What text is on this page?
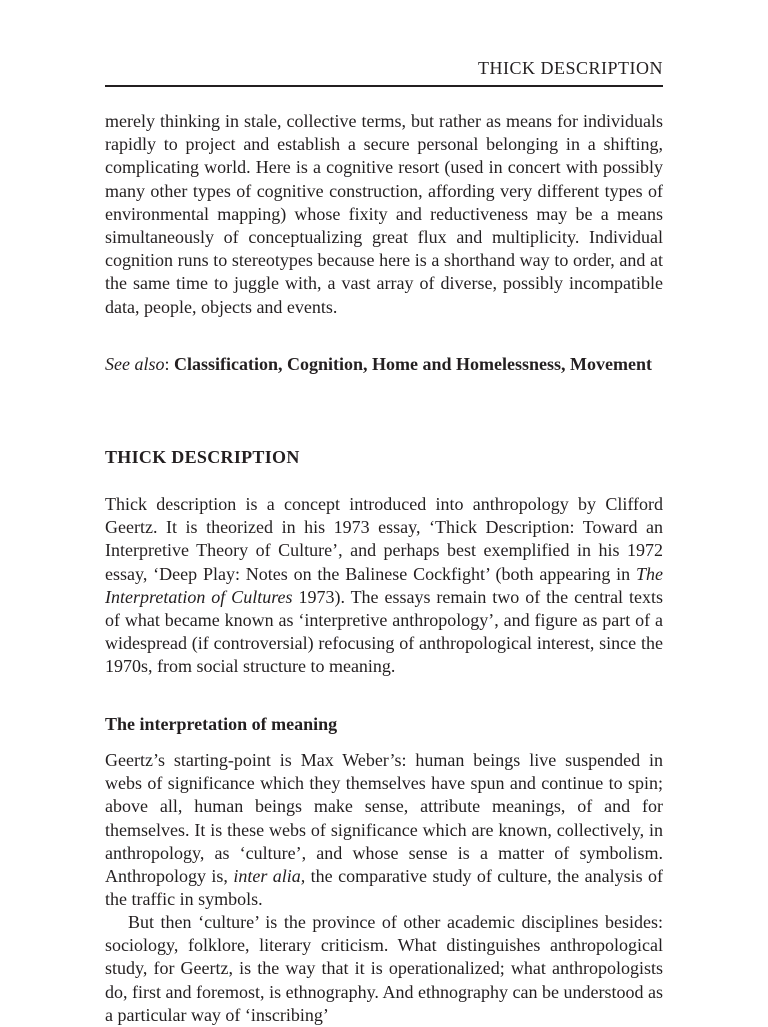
THICK DESCRIPTION

merely thinking in stale, collective terms, but rather as means for individuals rapidly to project and establish a secure personal belonging in a shifting, complicating world. Here is a cognitive resort (used in concert with possibly many other types of cognitive construction, affording very different types of environmental mapping) whose fixity and reductiveness may be a means simultaneously of conceptualizing great flux and multiplicity. Individual cognition runs to stereotypes because here is a shorthand way to order, and at the same time to juggle with, a vast array of diverse, possibly incompatible data, people, objects and events.

See also: Classification, Cognition, Home and Homelessness, Movement

THICK DESCRIPTION

Thick description is a concept introduced into anthropology by Clifford Geertz. It is theorized in his 1973 essay, ‘Thick Description: Toward an Interpretive Theory of Culture’, and perhaps best exemplified in his 1972 essay, ‘Deep Play: Notes on the Balinese Cockfight’ (both appearing in The Interpretation of Cultures 1973). The essays remain two of the central texts of what became known as ‘interpretive anthropology’, and figure as part of a widespread (if controversial) refocusing of anthropological interest, since the 1970s, from social structure to meaning.

The interpretation of meaning

Geertz’s starting-point is Max Weber’s: human beings live suspended in webs of significance which they themselves have spun and continue to spin; above all, human beings make sense, attribute meanings, of and for themselves. It is these webs of significance which are known, collectively, in anthropology, as ‘culture’, and whose sense is a matter of symbolism. Anthropology is, inter alia, the comparative study of culture, the analysis of the traffic in symbols.

But then ‘culture’ is the province of other academic disciplines besides: sociology, folklore, literary criticism. What distinguishes anthropological study, for Geertz, is the way that it is operationalized; what anthropologists do, first and foremost, is ethnography. And ethnography can be understood as a particular way of ‘inscribing’
